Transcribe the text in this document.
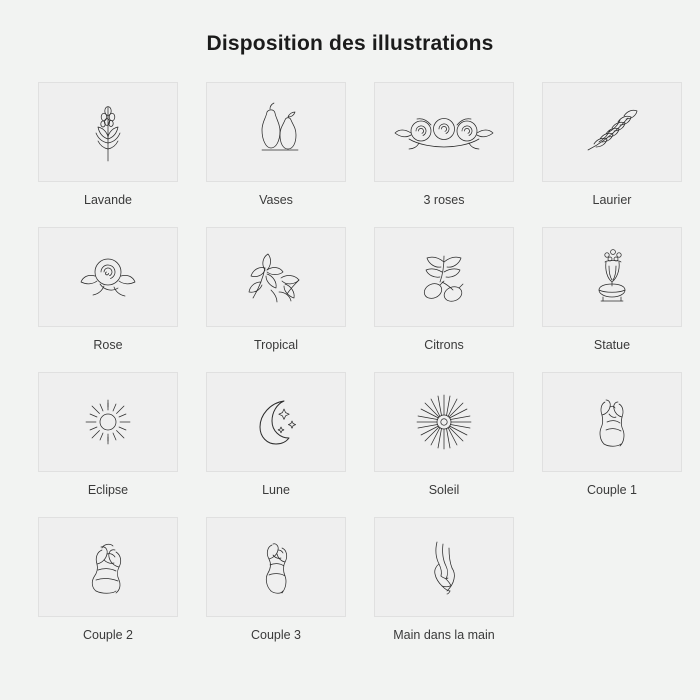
Disposition des illustrations
Lavande	Vases	3 roses	Laurier
Rose	Tropical	Citrons	Statue
Eclipse	Lune	Soleil	Couple 1
Couple 2	Couple 3	Main dans la main
